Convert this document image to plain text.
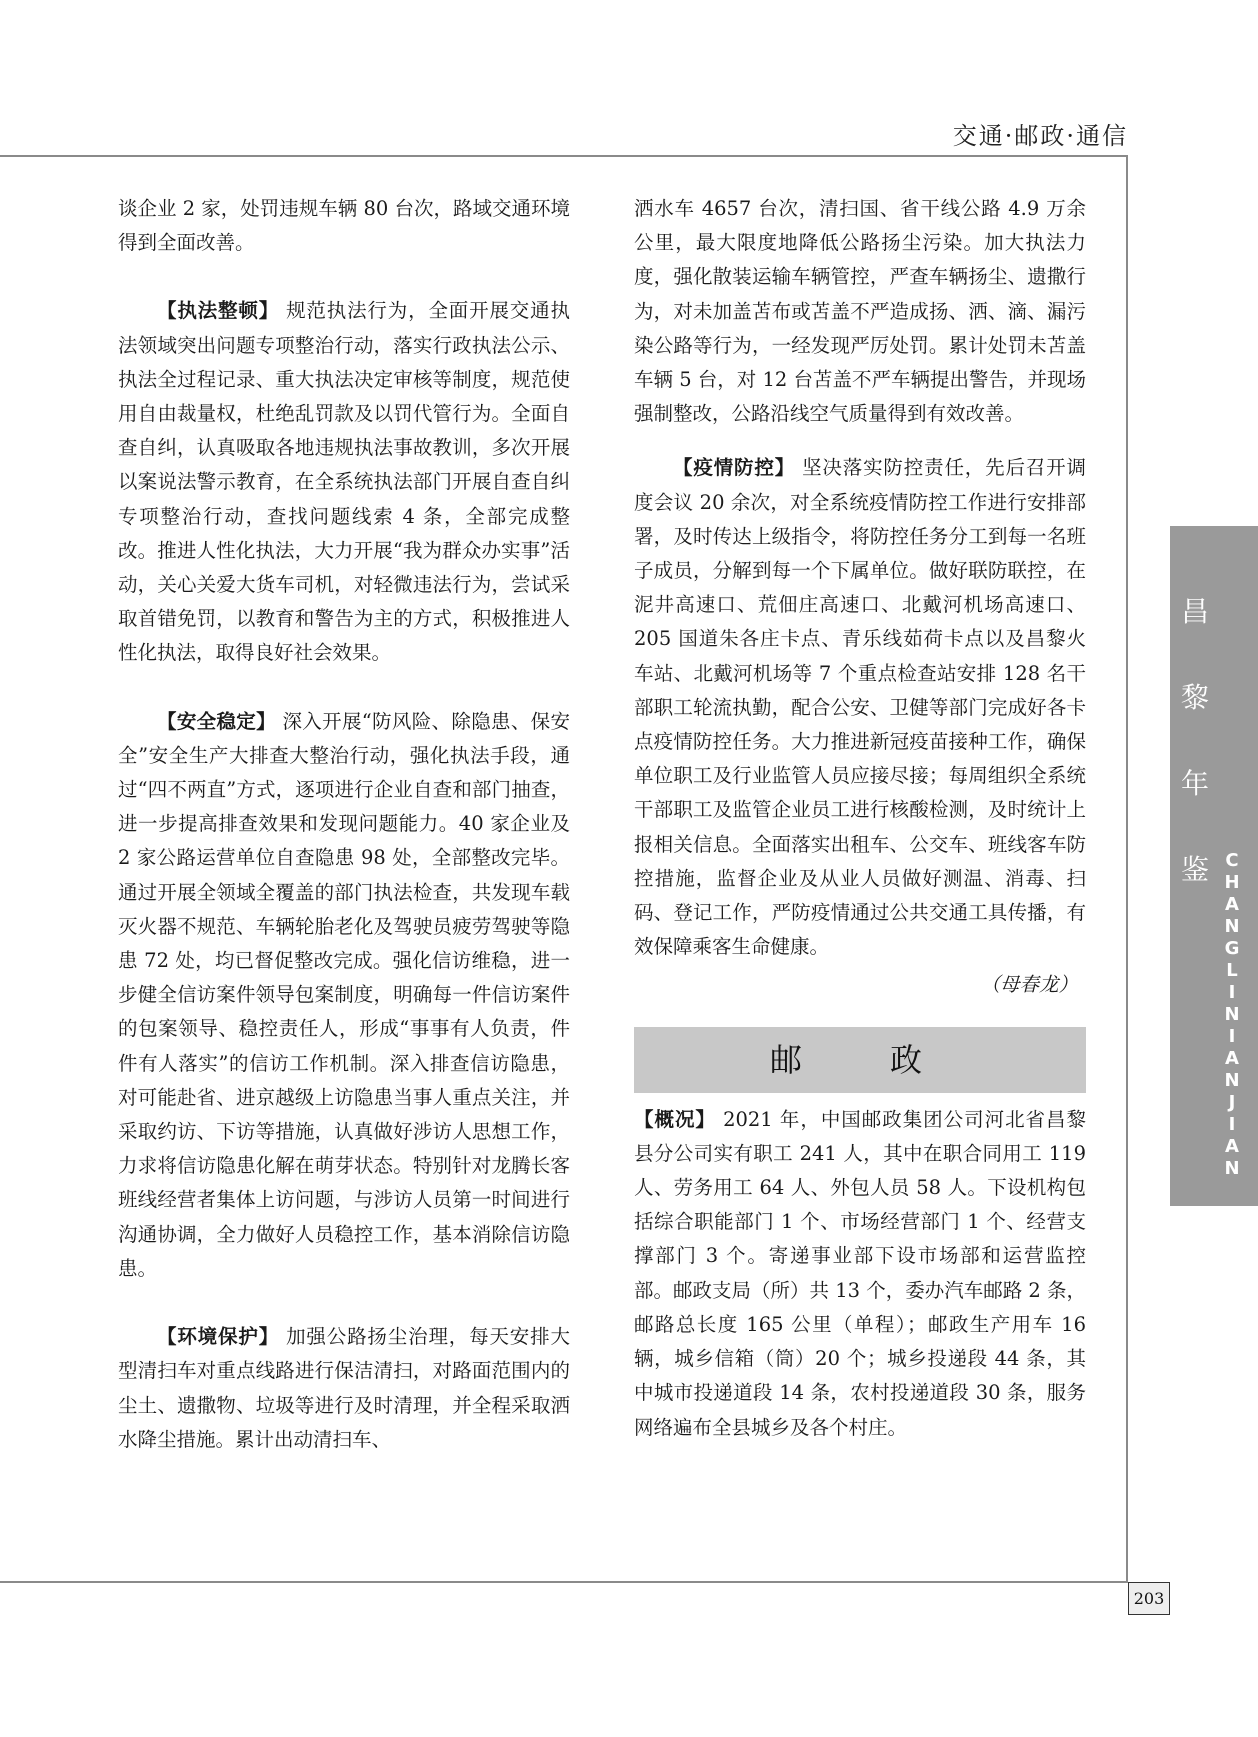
交通·邮政·通信

谈企业 2 家，处罚违规车辆 80 台次，路域交通环境得到全面改善。

【执法整顿】 规范执法行为，全面开展交通执法领域突出问题专项整治行动，落实行政执法公示、执法全过程记录、重大执法决定审核等制度，规范使用自由裁量权，杜绝乱罚款及以罚代管行为。全面自查自纠，认真吸取各地违规执法事故教训，多次开展以案说法警示教育，在全系统执法部门开展自查自纠专项整治行动，查找问题线索 4 条，全部完成整改。推进人性化执法，大力开展“我为群众办实事”活动，关心关爱大货车司机，对轻微违法行为，尝试采取首错免罚，以教育和警告为主的方式，积极推进人性化执法，取得良好社会效果。

【安全稳定】 深入开展“防风险、除隐患、保安全”安全生产大排查大整治行动，强化执法手段，通过“四不两直”方式，逐项进行企业自查和部门抽查，进一步提高排查效果和发现问题能力。40 家企业及 2 家公路运营单位自查隐患 98 处，全部整改完毕。通过开展全领域全覆盖的部门执法检查，共发现车载灭火器不规范、车辆轮胎老化及驾驶员疲劳驾驶等隐患 72 处，均已督促整改完成。强化信访维稳，进一步健全信访案件领导包案制度，明确每一件信访案件的包案领导、稳控责任人，形成“事事有人负责，件件有人落实”的信访工作机制。深入排查信访隐患，对可能赴省、进京越级上访隐患当事人重点关注，并采取约访、下访等措施，认真做好涉访人思想工作，力求将信访隐患化解在萌芽状态。特别针对龙腾长客班线经营者集体上访问题，与涉访人员第一时间进行沟通协调，全力做好人员稳控工作，基本消除信访隐患。

【环境保护】 加强公路扬尘治理，每天安排大型清扫车对重点线路进行保洁清扫，对路面范围内的尘土、遗撒物、垃圾等进行及时清理，并全程采取洒水降尘措施。累计出动清扫车、

洒水车 4657 台次，清扫国、省干线公路 4.9 万余公里，最大限度地降低公路扬尘污染。加大执法力度，强化散装运输车辆管控，严查车辆扬尘、遗撒行为，对未加盖苫布或苫盖不严造成扬、洒、滴、漏污染公路等行为，一经发现严厉处罚。累计处罚未苫盖车辆 5 台，对 12 台苫盖不严车辆提出警告，并现场强制整改，公路沿线空气质量得到有效改善。

【疫情防控】 坚决落实防控责任，先后召开调度会议 20 余次，对全系统疫情防控工作进行安排部署，及时传达上级指令，将防控任务分工到每一名班子成员，分解到每一个下属单位。做好联防联控，在泥井高速口、荒佃庄高速口、北戴河机场高速口、205 国道朱各庄卡点、青乐线茹荷卡点以及昌黎火车站、北戴河机场等 7 个重点检查站安排 128 名干部职工轮流执勤，配合公安、卫健等部门完成好各卡点疫情防控任务。大力推进新冠疫苗接种工作，确保单位职工及行业监管人员应接尽接；每周组织全系统干部职工及监管企业员工进行核酸检测，及时统计上报相关信息。全面落实出租车、公交车、班线客车防控措施，监督企业及从业人员做好测温、消毒、扫码、登记工作，严防疫情通过公共交通工具传播，有效保障乘客生命健康。

（母春龙）

邮　政

【概况】 2021 年，中国邮政集团公司河北省昌黎县分公司实有职工 241 人，其中在职合同用工 119 人、劳务用工 64 人、外包人员 58 人。下设机构包括综合职能部门 1 个、市场经营部门 1 个、经营支撑部门 3 个。寄递事业部下设市场部和运营监控部。邮政支局（所）共 13 个，委办汽车邮路 2 条，邮路总长度 165 公里（单程）；邮政生产用车 16 辆，城乡信箱（筒）20 个；城乡投递段 44 条，其中城市投递道段 14 条，农村投递道段 30 条，服务网络遍布全县城乡及各个村庄。

昌
黎
年
鉴 C
H
A
N
G
L
I
N
I
A
N
J
I
A
N
203
